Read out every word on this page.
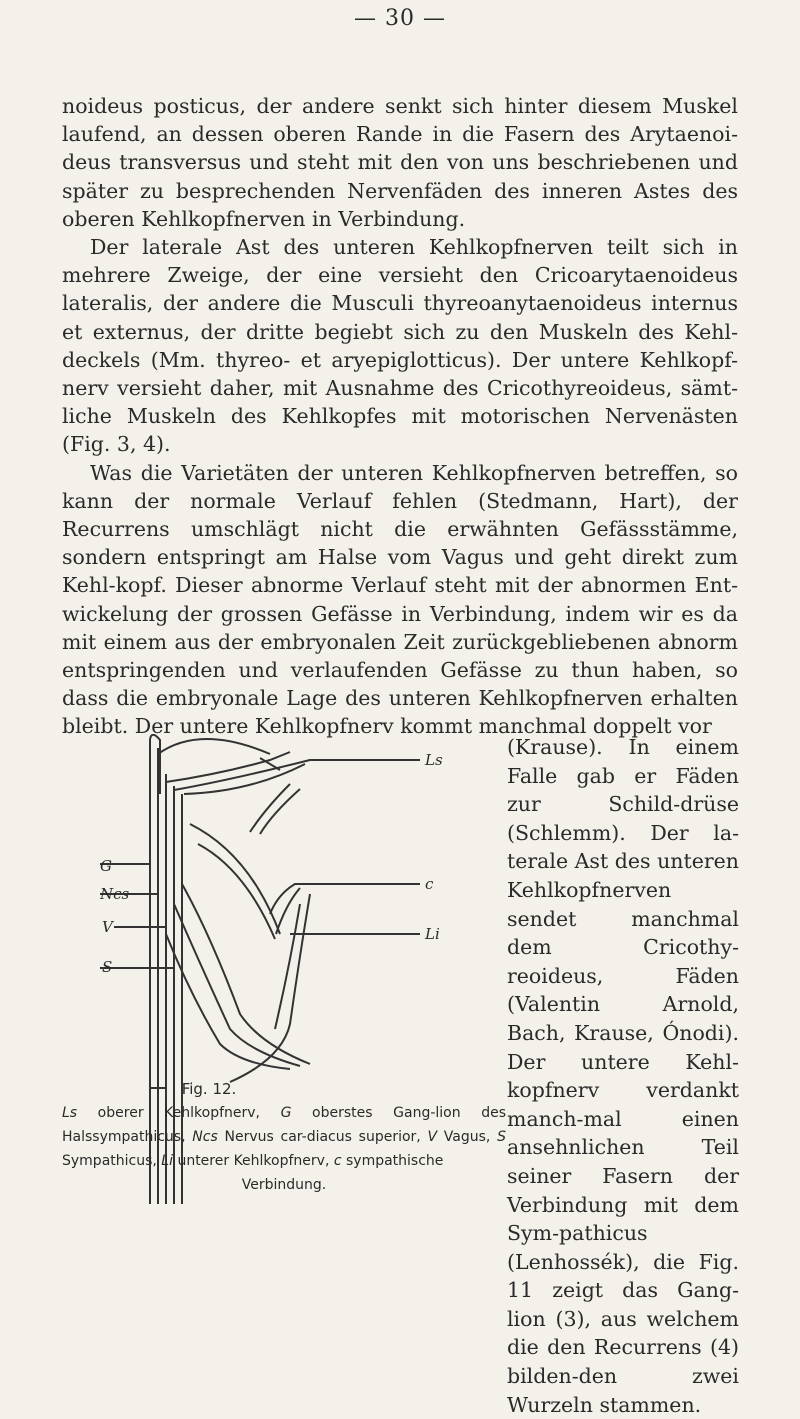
— 30 —

noideus posticus, der andere senkt sich hinter diesem Muskel laufend, an dessen oberen Rande in die Fasern des Arytaenoi-deus transversus und steht mit den von uns beschriebenen und später zu besprechenden Nervenfäden des inneren Astes des oberen Kehlkopfnerven in Verbindung.

Der laterale Ast des unteren Kehlkopfnerven teilt sich in mehrere Zweige, der eine versieht den Cricoarytaenoideus lateralis, der andere die Musculi thyreoanytaenoideus internus et externus, der dritte begiebt sich zu den Muskeln des Kehl-deckels (Mm. thyreo- et aryepiglotticus). Der untere Kehlkopf-nerv versieht daher, mit Ausnahme des Cricothyreoideus, sämt-liche Muskeln des Kehlkopfes mit motorischen Nervenästen (Fig. 3, 4).

Was die Varietäten der unteren Kehlkopfnerven betreffen, so kann der normale Verlauf fehlen (Stedmann, Hart), der Recurrens umschlägt nicht die erwähnten Gefässstämme, sondern entspringt am Halse vom Vagus und geht direkt zum Kehl-kopf. Dieser abnorme Verlauf steht mit der abnormen Ent-wickelung der grossen Gefässe in Verbindung, indem wir es da mit einem aus der embryonalen Zeit zurückgebliebenen abnorm entspringenden und verlaufenden Gefässe zu thun haben, so dass die embryonale Lage des unteren Kehlkopfnerven erhalten bleibt. Der untere Kehlkopfnerv kommt manchmal doppelt vor

(Krause). In einem Falle gab er Fäden zur Schild-drüse (Schlemm). Der la-terale Ast des unteren Kehlkopfnerven sendet manchmal dem Cricothy-reoideus, Fäden (Valentin Arnold, Bach, Krause, Ónodi). Der untere Kehl-kopfnerv verdankt manch-mal einen ansehnlichen Teil seiner Fasern der Verbindung mit dem Sym-pathicus (Lenhossék), die Fig. 11 zeigt das Gang-lion (3), aus welchem die den Recurrens (4) bilden-den zwei Wurzeln stammen.

G
Ncs
V
S
Ls
c
Li
Fig. 12.
Ls oberer Kehlkopfnerv, G oberstes Gang-lion des Halssympathicus, Ncs Nervus car-diacus superior, V Vagus, S Sympathicus, Li unterer Kehlkopfnerv, c sympathische
Verbindung.
